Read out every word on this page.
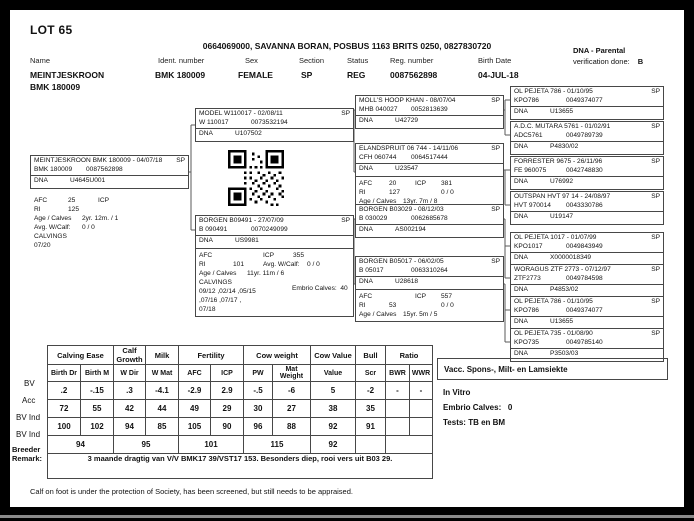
LOT 65
0664069000, SAVANNA BORAN, POSBUS 1163 BRITS 0250, 0827830720
Name	Ident. number	Sex	Section	Status	Reg. number	Birth Date
DNA - Parental
verification done: B
MEINTJESKROON
BMK 180009
BMK 180009	FEMALE	SP	REG	0087562898	04-JUL-18
MEINTJESKROON BMK 180009 - 04/07/18 SP
BMK 180009	0087562898
DNA	U4645U001
AFC	25	ICP
RI	125
Age / Calves	2yr. 12m. / 1
Avg. W/Calf:	0 / 0
CALVINGS
07/20
MODEL W110017 - 02/08/11	SP
W 110017	0073532194
DNA	U107502
BORGEN B09491 - 27/07/09	SP
B 090491	0070249099
DNA	US9981
AFC	ICP	355
RI	101	Avg. W/Calf:	0 / 0
Age / Calves	11yr. 11m / 6
CALVINGS
09/12 ,02/14 ,05/15
,07/16 ,07/17 ,
07/18
Embrio Calves: 40
MOLL'S HOOP KHAN - 08/07/04	SP
MHB 040027	0052813639
DNA	U42729
ELANDSPRUIT 06 744 - 14/11/06	SP
CFH 060744	0064517444
DNA	U23547
AFC	20	ICP	381
RI	127	0 / 0
Age / Calves	13yr. 7m / 8
BORGEN B03029 - 08/12/03	SP
B 030029	0062685678
DNA	AS002194
BORGEN B05017 - 06/02/05	SP
B 05017	0063310264
DNA	U28618
AFC	ICP	557
RI	53	0 / 0
Age / Calves	15yr. 5m / 5
OL PEJETA 786 - 01/10/95	SP
KPO786	0049374077
DNA	U13655
A.D.C. MUTARA 5761 - 01/02/91	SP
ADC5761	0049789739
DNA	P4830/02
FORRESTER 9675 - 26/11/96	SP
FE 960075	0042748830
DNA	U76992
OUTSPAN HVT 97 14 - 24/08/97	SP
HVT 970014	0043330786
DNA	U19147
OL PEJETA 1017 - 01/07/99	SP
KPO1017	0049843949
DNA	X0000018349
WORAGUS ZTF 2773 - 07/12/97	SP
ZTF2773	0049784598
DNA	P4853/02
OL PEJETA 786 - 01/10/95	SP
KPO786	0049374077
DNA	U13655
OL PEJETA 735 - 01/08/90	SP
KPO735	0049785140
DNA	P3503/03
BV
Acc
BV Ind
BV Ind
Breeder
Remark:
Calving Ease		Calf Growth	Milk	Fertility		Cow weight		Cow Value	Bull	Ratio	
Birth Dr	Birth M	W Dir	W Mat	AFC	ICP	PW	Mat Weight	Value	Scr	BWR	WWR
.2	-.15	.3	-4.1	-2.9	2.9	-.5	-6	5	-2	-	-
72	55	42	44	49	29	30	27	38	35		
100	102	94	85	105	90	96	88	92	91		
94		95		101		115		92			
3 maande dragtig van V/V BMK17 39/VST17 153. Besonders diep, rooi vers uit B03 29.											
Vacc. Spons-, Milt- en Lamsiekte
In Vitro
Embrio Calves: 0
Tests: TB en BM
Calf on foot is under the protection of Society, has been screened, but still needs to be appraised.
